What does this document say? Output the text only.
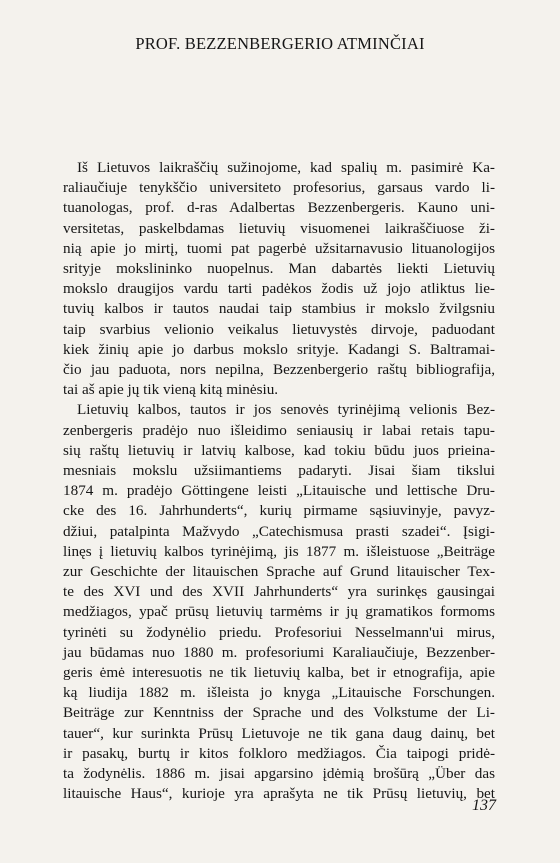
PROF. BEZZENBERGERIO ATMINČIAI
Iš Lietuvos laikraščių sužinojome, kad spalių m. pasimirė Ka-
raliaučiuje tenykščio universiteto profesorius, garsaus vardo li-
tuanologas, prof. d-ras Adalbertas Bezzenbergeris. Kauno uni-
versitetas, paskelbdamas lietuvių visuomenei laikraščiuose ži-
nią apie jo mirtį, tuomi pat pagerbė užsitarnavusio lituanologijos
srityje mokslininko nuopelnus. Man dabartės liekti Lietuvių
mokslo draugijos vardu tarti padėkos žodis už jojo atliktus lie-
tuvių kalbos ir tautos naudai taip stambius ir mokslo žvilgsniu
taip svarbius velionio veikalus lietuvystės dirvoje, paduodant
kiek žinių apie jo darbus mokslo srityje. Kadangi S. Baltramai-
čio jau paduota, nors nepilna, Bezzenbergerio raštų bibliografija,
tai aš apie jų tik vieną kitą minėsiu.
Lietuvių kalbos, tautos ir jos senovės tyrinėjimą velionis Bez-
zenbergeris pradėjo nuo išleidimo seniausių ir labai retais tapu-
sių raštų lietuvių ir latvių kalbose, kad tokiu būdu juos prieina-
mesniais mokslu užsiimantiems padaryti. Jisai šiam tikslui
1874 m. pradėjo Göttingene leisti „Litauische und lettische Dru-
cke des 16. Jahrhunderts“, kurių pirmame sąsiuvinyje, pavyz-
džiui, patalpinta Mažvydo „Catechismusa prasti szadei“. Įsigi-
linęs į lietuvių kalbos tyrinėjimą, jis 1877 m. išleistuose „Beiträge
zur Geschichte der litauischen Sprache auf Grund litauischer Tex-
te des XVI und des XVII Jahrhunderts“ yra surinkęs gausingai
medžiagos, ypač prūsų lietuvių tarmėms ir jų gramatikos formoms
tyrinėti su žodynėlio priedu. Profesoriui Nesselmann'ui mirus,
jau būdamas nuo 1880 m. profesoriumi Karaliaučiuje, Bezzenber-
geris ėmė interesuotis ne tik lietuvių kalba, bet ir etnografija, apie
ką liudija 1882 m. išleista jo knyga „Litauische Forschungen.
Beiträge zur Kenntniss der Sprache und des Volkstume der Li-
tauer“, kur surinkta Prūsų Lietuvoje ne tik gana daug dainų, bet
ir pasakų, burtų ir kitos folkloro medžiagos. Čia taipogi pridė-
ta žodynėlis. 1886 m. jisai apgarsino įdėmią brošūrą „Über das
litauische Haus“, kurioje yra aprašyta ne tik Prūsų lietuvių, bet
137
